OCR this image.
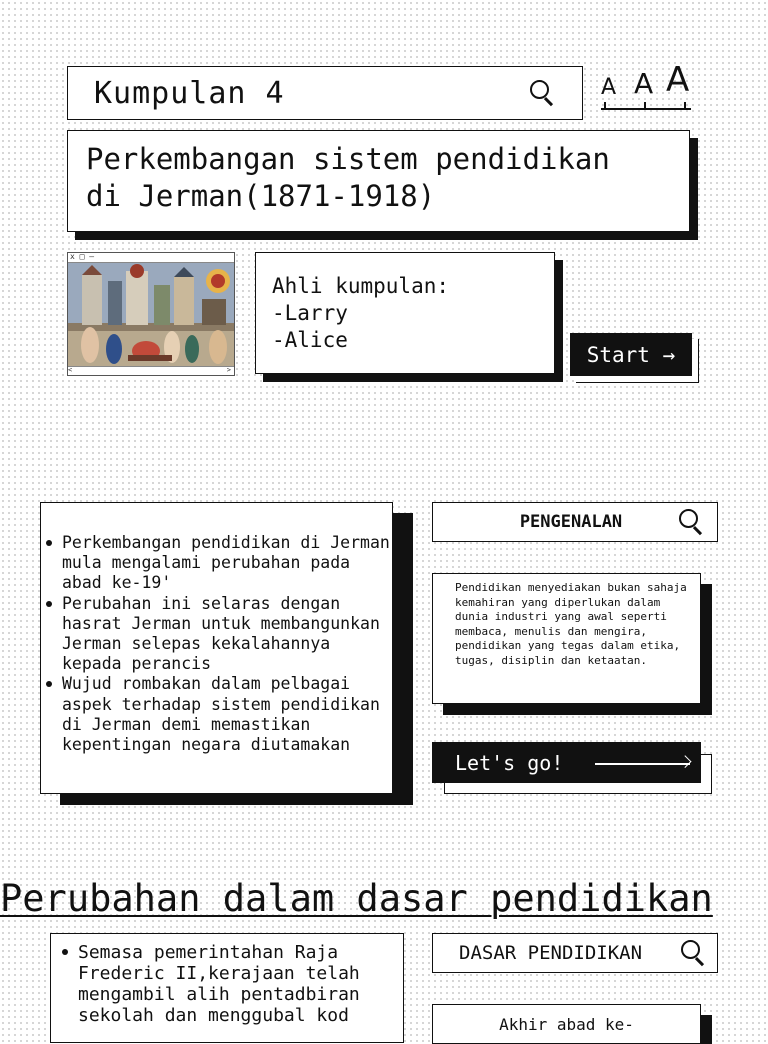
Kumpulan 4	A A A
Perkembangan sistem pendidikan
di Jerman(1871-1918)
x □ —
<	>
Ahli kumpulan:
-Larry
-Alice
Start →
Perkembangan pendidikan di Jerman mula mengalami perubahan pada abad ke-19'
Perubahan ini selaras dengan hasrat Jerman untuk membangunkan Jerman selepas kekalahannya kepada perancis
Wujud rombakan dalam pelbagai aspek terhadap sistem pendidikan di Jerman demi memastikan kepentingan negara diutamakan
PENGENALAN
Pendidikan menyediakan bukan sahaja kemahiran yang diperlukan dalam dunia industri yang awal seperti membaca, menulis dan mengira, pendidikan yang tegas dalam etika, tugas, disiplin dan ketaatan.
Let's go!
Perubahan dalam dasar pendidikan
Semasa pemerintahan Raja Frederic II,kerajaan telah mengambil alih pentadbiran sekolah dan menggubal kod
DASAR PENDIDIKAN
Akhir abad ke-
